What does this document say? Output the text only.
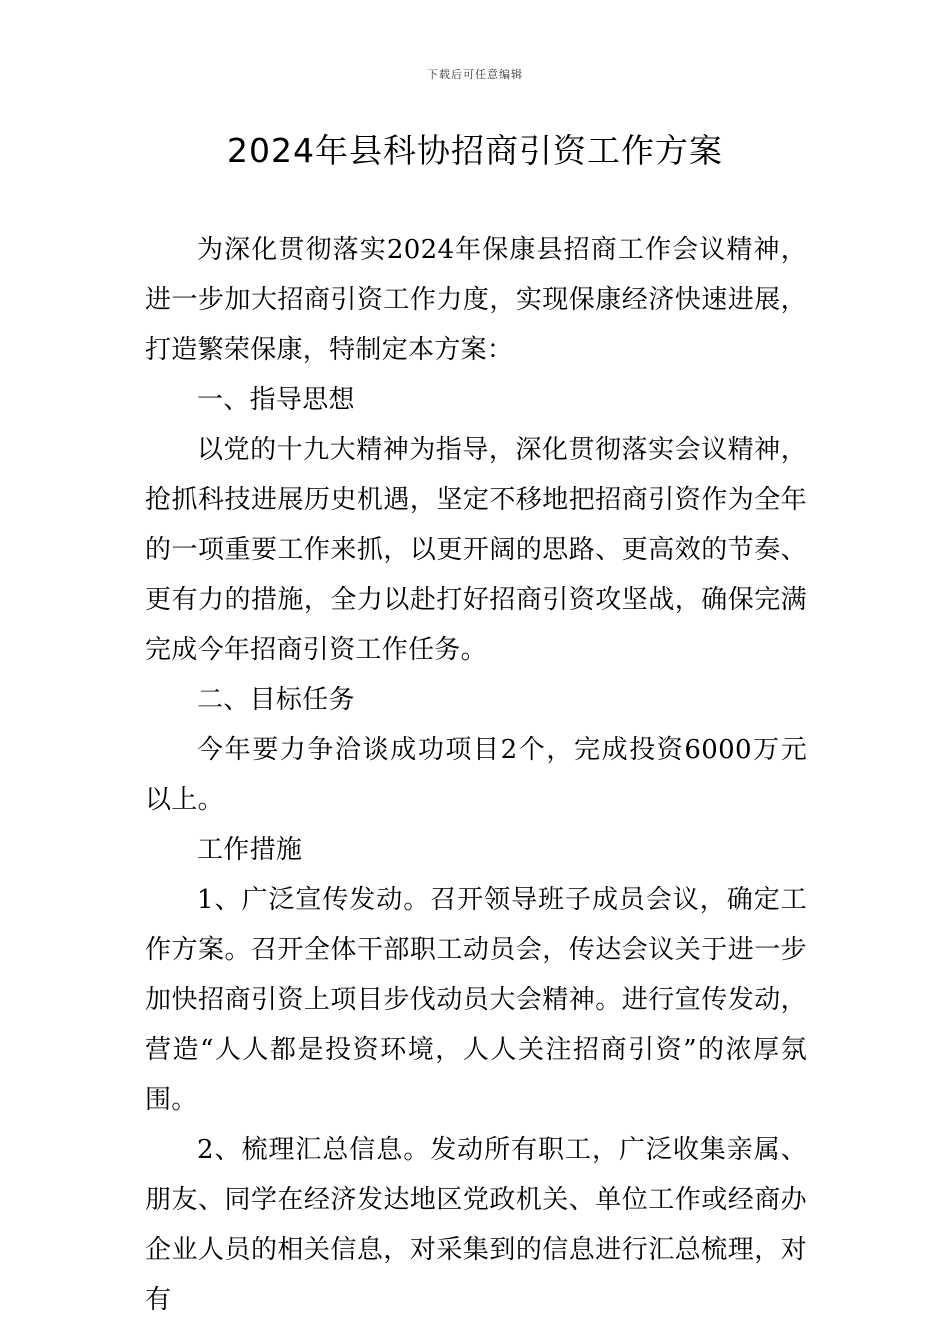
下载后可任意编辑
2024年县科协招商引资工作方案

为深化贯彻落实2024年保康县招商工作会议精神，进一步加大招商引资工作力度，实现保康经济快速进展，打造繁荣保康，特制定本方案：

一、指导思想

以党的十九大精神为指导，深化贯彻落实会议精神，抢抓科技进展历史机遇，坚定不移地把招商引资作为全年的一项重要工作来抓，以更开阔的思路、更高效的节奏、更有力的措施，全力以赴打好招商引资攻坚战，确保完满完成今年招商引资工作任务。

二、目标任务

今年要力争洽谈成功项目2个，完成投资6000万元以上。

工作措施

1、广泛宣传发动。召开领导班子成员会议，确定工作方案。召开全体干部职工动员会，传达会议关于进一步加快招商引资上项目步伐动员大会精神。进行宣传发动，营造“人人都是投资环境，人人关注招商引资”的浓厚氛围。

2、梳理汇总信息。发动所有职工，广泛收集亲属、朋友、同学在经济发达地区党政机关、单位工作或经商办企业人员的相关信息，对采集到的信息进行汇总梳理，对有
